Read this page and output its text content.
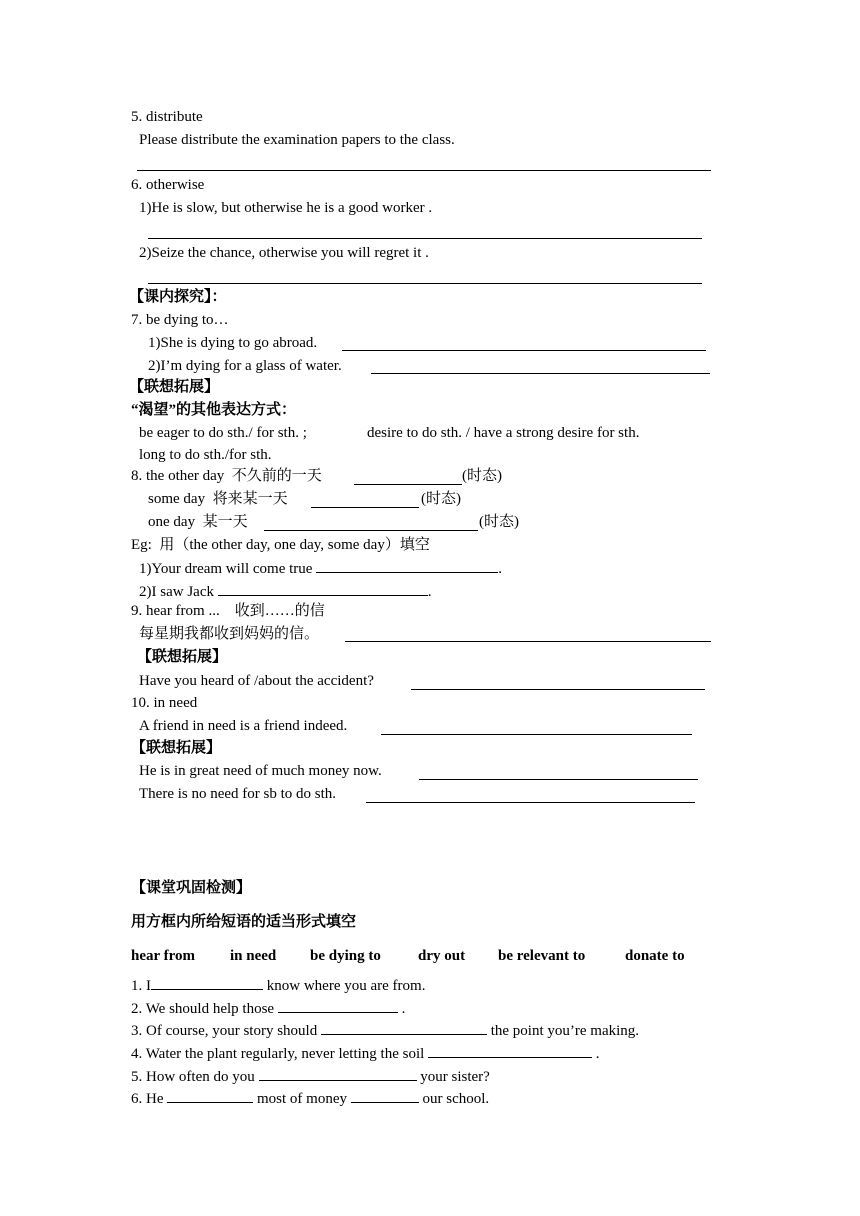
5. distribute
Please distribute the examination papers to the class.
6. otherwise
1)He is slow, but otherwise he is a good worker .
2)Seize the chance, otherwise you will regret it .
【课内探究】：
7. be dying to…
1)She is dying to go abroad.
2)I’m dying for a glass of water.
【联想拓展】
“渴望”的其他表达方式：
be eager to do sth./ for sth. ;	desire to do sth. / have a strong desire for sth.
long to do sth./for sth.
8. the other day  不久前的一天	(时态)
some day  将来某一天	(时态)
one day  某一天	(时态)
Eg:  用（the other day, one day, some day）填空
1)Your dream will come true	.
2)I saw Jack	.
9. hear from ...    收到……的信
每星期我都收到妈妈的信。
【联想拓展】
Have you heard of /about the accident?
10. in need
A friend in need is a friend indeed.
【联想拓展】
He is in great need of much money now.
There is no need for sb to do sth.
【课堂巩固检测】
用方框内所给短语的适当形式填空
hear from in need be dying to dry out be relevant to	donate to
1. I	know where you are from.
2. We should help those	.
3. Of course, your story should	the point you’re making.
4. Water the plant regularly, never letting the soil	.
5. How often do you	your sister?
6. He	most of money	our school.
